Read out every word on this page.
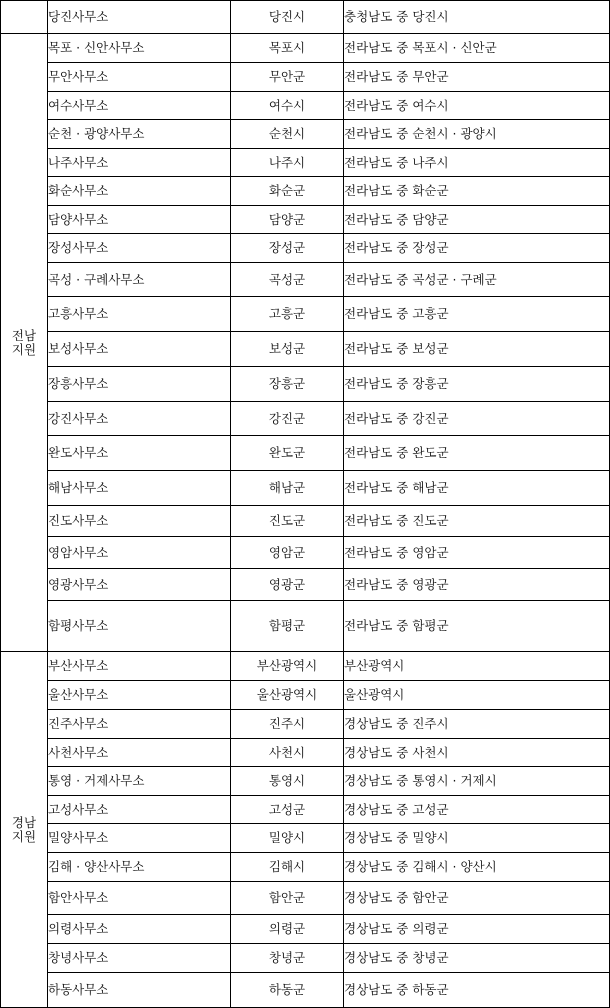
	당진사무소	당진시	충청남도 중 당진시

전남
지원	목포 · 신안사무소	목포시	전라남도 중 목포시 · 신안군
	무안사무소	무안군	전라남도 중 무안군
	여수사무소	여수시	전라남도 중 여수시
	순천 · 광양사무소	순천시	전라남도 중 순천시 · 광양시
	나주사무소	나주시	전라남도 중 나주시
	화순사무소	화순군	전라남도 중 화순군
	담양사무소	담양군	전라남도 중 담양군
	장성사무소	장성군	전라남도 중 장성군
	곡성 · 구례사무소	곡성군	전라남도 중 곡성군 · 구례군
	고흥사무소	고흥군	전라남도 중 고흥군
	보성사무소	보성군	전라남도 중 보성군
	장흥사무소	장흥군	전라남도 중 장흥군
	강진사무소	강진군	전라남도 중 강진군
	완도사무소	완도군	전라남도 중 완도군
	해남사무소	해남군	전라남도 중 해남군
	진도사무소	진도군	전라남도 중 진도군
	영암사무소	영암군	전라남도 중 영암군
	영광사무소	영광군	전라남도 중 영광군
	함평사무소	함평군	전라남도 중 함평군

경남
지원	부산사무소	부산광역시	부산광역시
	울산사무소	울산광역시	울산광역시
	진주사무소	진주시	경상남도 중 진주시
	사천사무소	사천시	경상남도 중 사천시
	통영 · 거제사무소	통영시	경상남도 중 통영시 · 거제시
	고성사무소	고성군	경상남도 중 고성군
	밀양사무소	밀양시	경상남도 중 밀양시
	김해 · 양산사무소	김해시	경상남도 중 김해시 · 양산시
	함안사무소	함안군	경상남도 중 함안군
	의령사무소	의령군	경상남도 중 의령군
	창녕사무소	창녕군	경상남도 중 창녕군
	하동사무소	하동군	경상남도 중 하동군
